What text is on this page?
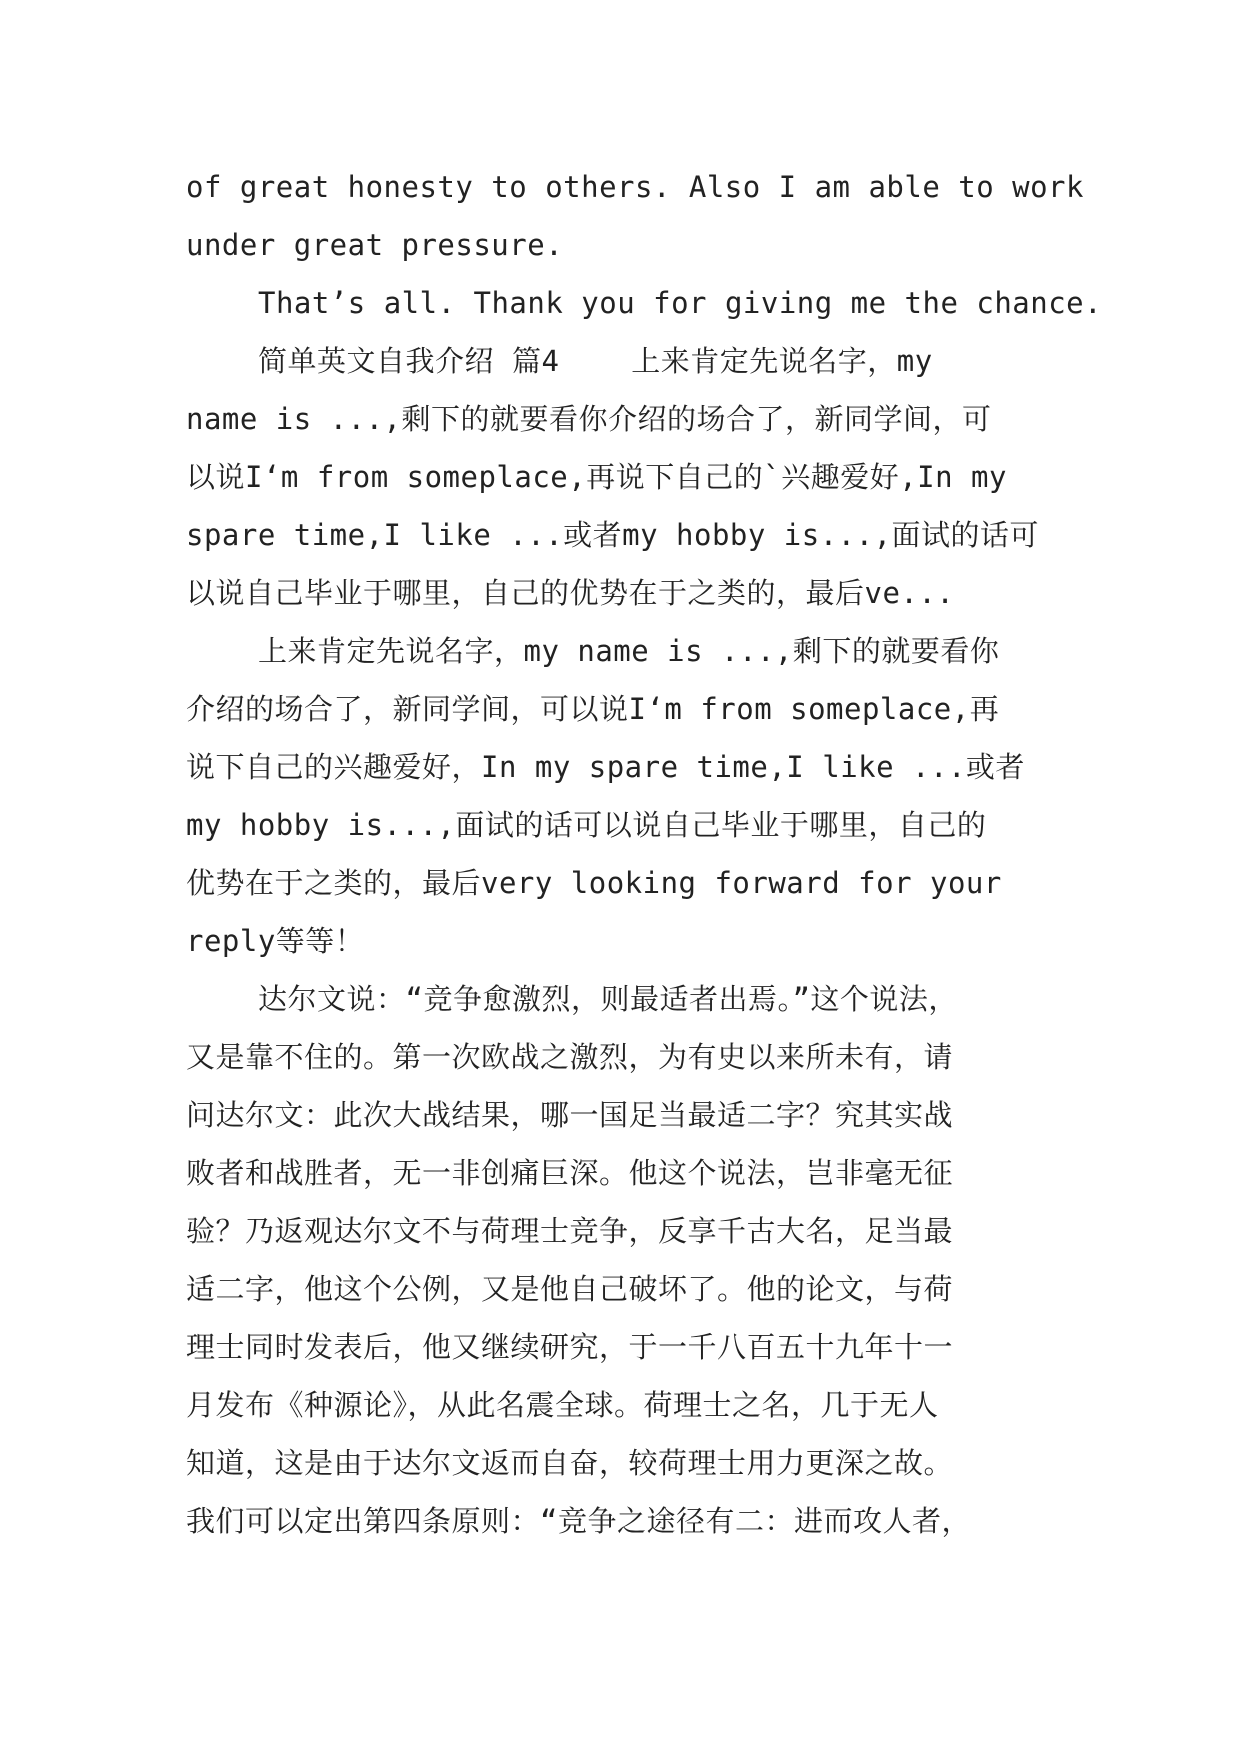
of great honesty to others. Also I am able to work
under great pressure.
That’s all. Thank you for giving me the chance.
简单英文自我介绍 篇4    上来肯定先说名字，my
name is ...,剩下的就要看你介绍的场合了，新同学间，可
以说I‘m from someplace,再说下自己的`兴趣爱好,In my
spare time,I like ...或者my hobby is...,面试的话可
以说自己毕业于哪里，自己的优势在于之类的，最后ve...
上来肯定先说名字，my name is ...,剩下的就要看你
介绍的场合了，新同学间，可以说I‘m from someplace,再
说下自己的兴趣爱好，In my spare time,I like ...或者
my hobby is...,面试的话可以说自己毕业于哪里，自己的
优势在于之类的，最后very looking forward for your
reply等等！
达尔文说：“竞争愈激烈，则最适者出焉。”这个说法，
又是靠不住的。第一次欧战之激烈，为有史以来所未有，请
问达尔文：此次大战结果，哪一国足当最适二字？究其实战
败者和战胜者，无一非创痛巨深。他这个说法，岂非毫无征
验？乃返观达尔文不与荷理士竞争，反享千古大名，足当最
适二字，他这个公例，又是他自己破坏了。他的论文，与荷
理士同时发表后，他又继续研究，于一千八百五十九年十一
月发布《种源论》，从此名震全球。荷理士之名，几于无人
知道，这是由于达尔文返而自奋，较荷理士用力更深之故。
我们可以定出第四条原则：“竞争之途径有二：进而攻人者，
